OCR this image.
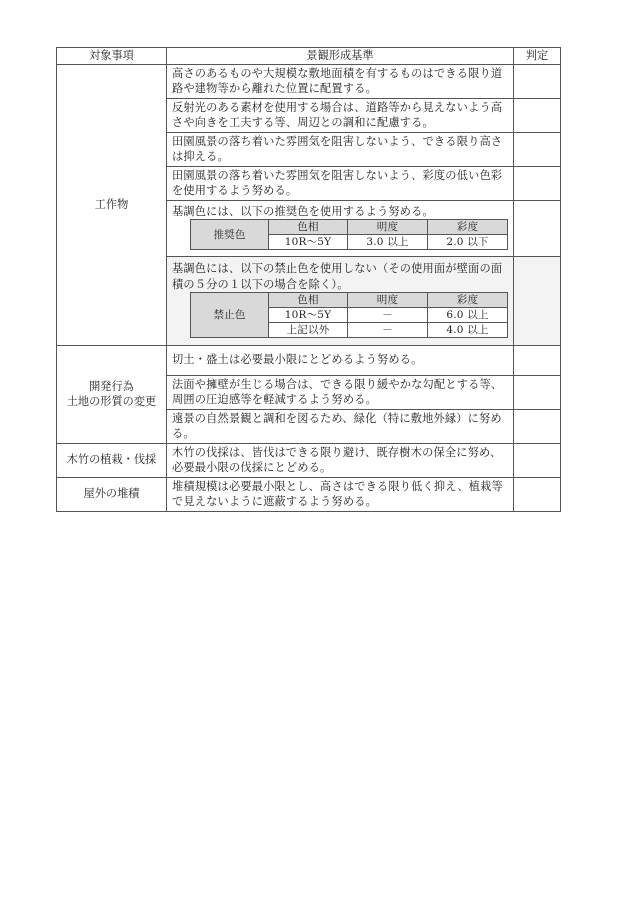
対象事項	景観形成基準	判定
工作物	高さのあるものや大規模な敷地面積を有するものはできる限り道路や建物等から離れた位置に配置する。	
反射光のある素材を使用する場合は、道路等から見えないよう高さや向きを工夫する等、周辺との調和に配慮する。	
田園風景の落ち着いた雰囲気を阻害しないよう、できる限り高さは抑える。	
田園風景の落ち着いた雰囲気を阻害しないよう、彩度の低い色彩を使用するよう努める。	

基調色には、以下の推奨色を使用するよう努める。
推奨色	色相	明度	彩度
10R～5Y	3.0 以上	2.0 以下

基調色には、以下の禁止色を使用しない（その使用面が壁面の面積の５分の１以下の場合を除く）。
禁止色	色相	明度	彩度
10R～5Y	－	6.0 以上
上記以外	－	4.0 以上

開発行為
土地の形質の変更
	切土・盛土は必要最小限にとどめるよう努める。	
法面や擁壁が生じる場合は、できる限り緩やかな勾配とする等、周囲の圧迫感等を軽減するよう努める。	
遠景の自然景観と調和を図るため、緑化（特に敷地外縁）に努める。	
木竹の植栽・伐採	木竹の伐採は、皆伐はできる限り避け、既存樹木の保全に努め、必要最小限の伐採にとどめる。	
屋外の堆積	堆積規模は必要最小限とし、高さはできる限り低く抑え、植栽等で見えないように遮蔽するよう努める。	
